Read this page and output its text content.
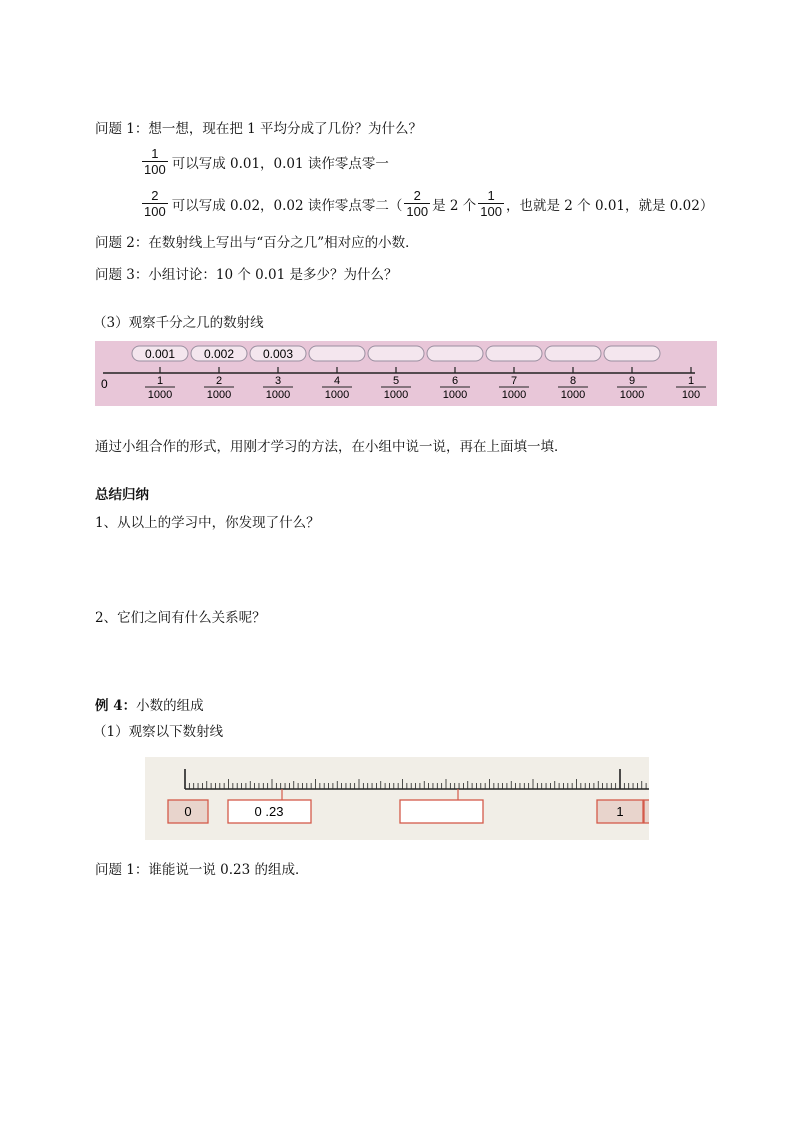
问题 1：想一想，现在把 1 平均分成了几份？为什么？
$\frac{1}{100}$ 可以写成 0.01，0.01 读作零点零一
$\frac{2}{100}$ 可以写成 0.02，0.02 读作零点零二（ $\frac{2}{100}$ 是 2 个 $\frac{1}{100}$ ，也就是 2 个 0.01，就是 0.02）
问题 2：在数射线上写出与“百分之几”相对应的小数．
问题 3：小组讨论：10 个 0.01 是多少？为什么？
（3）观察千分之几的数射线
0.001 0.002 0.003
0	1
1000
2
1000
3
1000
4
1000
5
1000
6
1000
7
1000
8
1000
9
1000
1
100
通过小组合作的形式，用刚才学习的方法，在小组中说一说，再在上面填一填．
总结归纳
1、从以上的学习中，你发现了什么？
2、它们之间有什么关系呢？
例 4：小数的组成
（1）观察以下数射线
0	0 .23	1
问题 1：谁能说一说 0.23 的组成．
